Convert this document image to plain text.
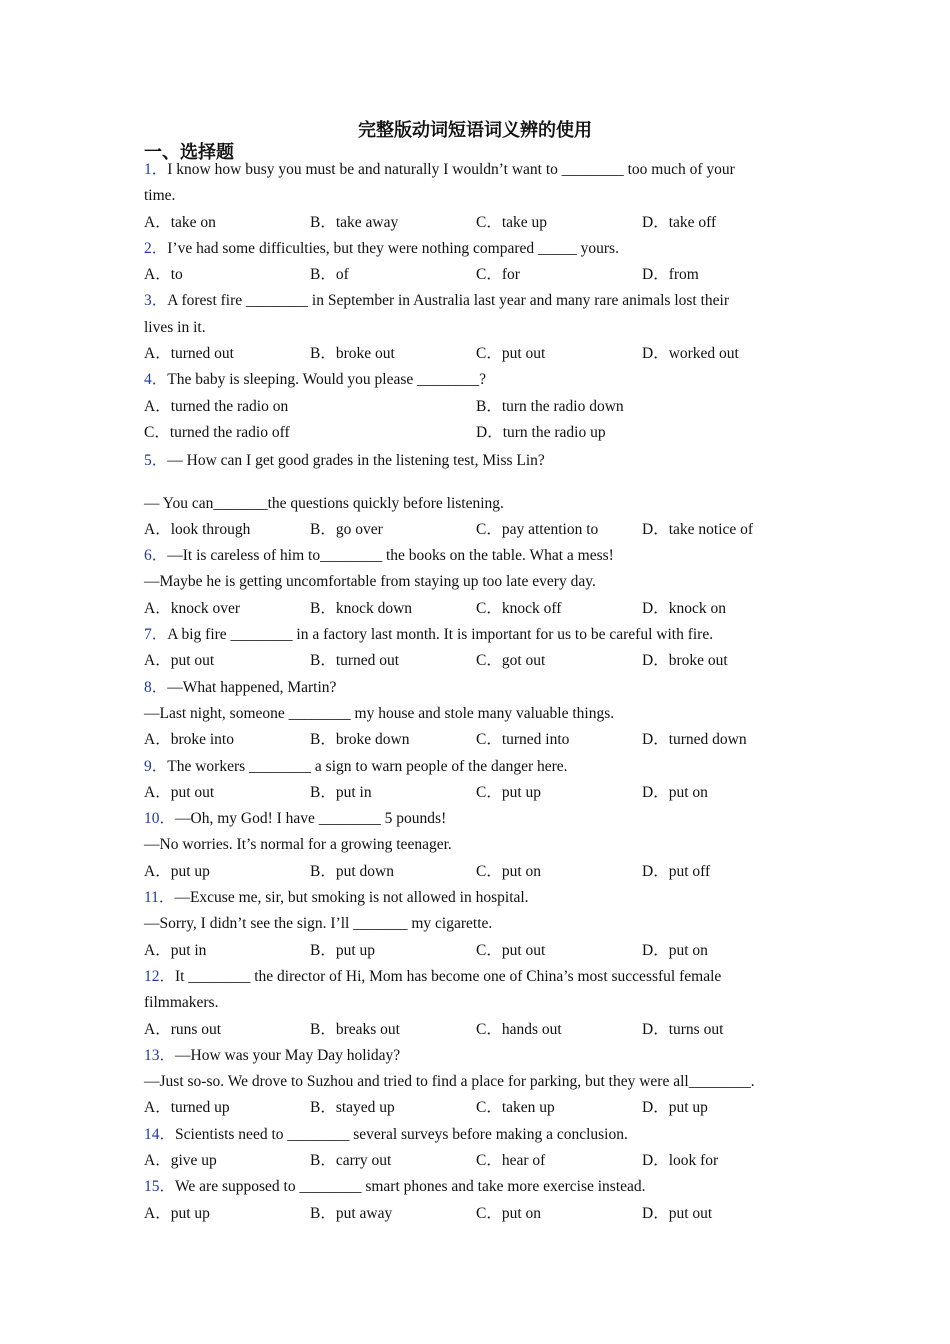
完整版动词短语词义辨的使用
一、选择题
1．I know how busy you must be and naturally I wouldn’t want to ________ too much of your
time.
A．take on	B．take away	C．take up	D．take off
2．I’ve had some difficulties, but they were nothing compared _____ yours.
A．to	B．of	C．for	D．from
3．A forest fire ________ in September in Australia last year and many rare animals lost their
lives in it.
A．turned out	B．broke out	C．put out	D．worked out
4．The baby is sleeping. Would you please ________?
A．turned the radio on	B．turn the radio down
C．turned the radio off	D．turn the radio up
5．— How can I get good grades in the listening test, Miss Lin?
— You can_______the questions quickly before listening.
A．look through	B．go over	C．pay attention to	D．take notice of
6．—It is careless of him to________ the books on the table. What a mess!
—Maybe he is getting uncomfortable from staying up too late every day.
A．knock over	B．knock down	C．knock off	D．knock on
7．A big fire ________ in a factory last month. It is important for us to be careful with fire.
A．put out	B．turned out	C．got out	D．broke out
8．—What happened, Martin?
—Last night, someone ________ my house and stole many valuable things.
A．broke into	B．broke down	C．turned into	D．turned down
9．The workers ________ a sign to warn people of the danger here.
A．put out	B．put in	C．put up	D．put on
10．—Oh, my God! I have ________ 5 pounds!
—No worries. It’s normal for a growing teenager.
A．put up	B．put down	C．put on	D．put off
11．—Excuse me, sir, but smoking is not allowed in hospital.
—Sorry, I didn’t see the sign. I’ll _______ my cigarette.
A．put in	B．put up	C．put out	D．put on
12．It ________ the director of Hi, Mom has become one of China’s most successful female
filmmakers.
A．runs out	B．breaks out	C．hands out	D．turns out
13．—How was your May Day holiday?
—Just so-so. We drove to Suzhou and tried to find a place for parking, but they were all________.
A．turned up	B．stayed up	C．taken up	D．put up
14．Scientists need to ________ several surveys before making a conclusion.
A．give up	B．carry out	C．hear of	D．look for
15．We are supposed to ________ smart phones and take more exercise instead.
A．put up	B．put away	C．put on	D．put out
